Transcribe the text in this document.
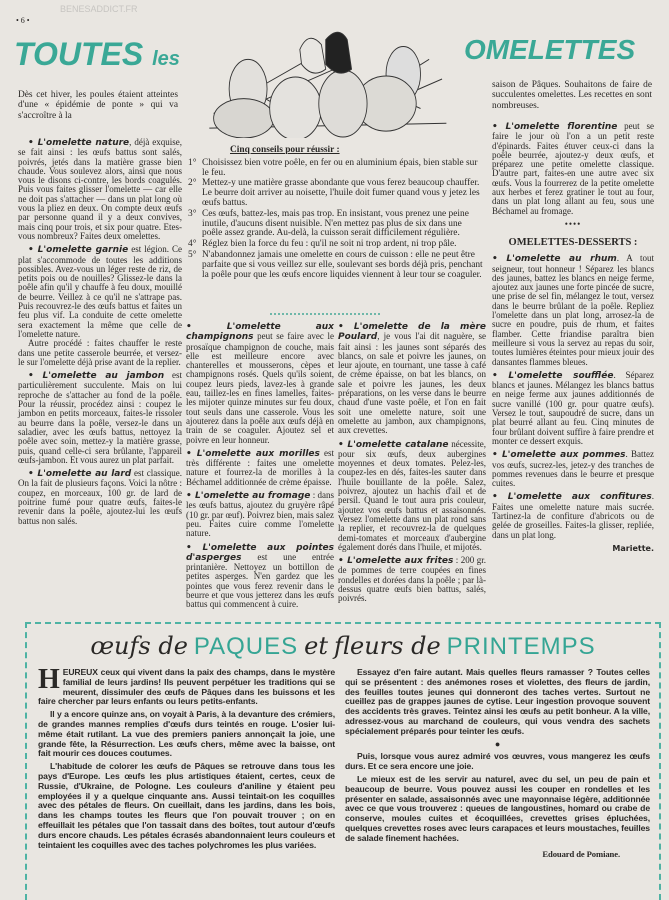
BENESADDICT.FR
• 6 •
TOUTES les	OMELETTES
Dès cet hiver, les poules étaient atteintes d'une « épidémie de ponte » qui va s'accroître à la
saison de Pâques. Souhaitons de faire de succulentes omelettes. Les recettes en sont nombreuses.

• L'omelette nature, déjà exquise, se fait ainsi : les œufs battus sont salés, poivrés, jetés dans la matière grasse bien chaude. Vous soulevez alors, ainsi que nous vous le disons ci-contre, les bords coagulés. Puis vous faites glisser l'omelette — car elle ne doit pas s'attacher — dans un plat long où vous la pliez en deux. On compte deux œufs par personne quand il y a deux convives, mais cinq pour trois, et six pour quatre. Etes-vous nombreux? Faites deux omelettes.

• L'omelette garnie est légion. Ce plat s'accommode de toutes les additions possibles. Avez-vous un léger reste de riz, de petits pois ou de nouilles? Glissez-le dans la poêle afin qu'il y chauffe à feu doux, mouillé de beurre. Veillez à ce qu'il ne s'attrape pas. Puis recouvrez-le des œufs battus et faites un feu plus vif. La conduite de cette omelette sera exactement la même que celle de l'omelette nature.

Autre procédé : faites chauffer le reste dans une petite casserole beurrée, et versez-le sur l'omelette déjà prise avant de la replier.

• L'omelette au jambon est particulièrement succulente. Mais on lui reproche de s'attacher au fond de la poêle. Pour la réussir, procédez ainsi : coupez le jambon en petits morceaux, faites-le rissoler au beurre dans la poêle, versez-le dans un saladier, avec les œufs battus, nettoyez la poêle avec soin, mettez-y la matière grasse, puis, quand celle-ci sera brûlante, l'appareil œufs-jambon. Et vous aurez un plat parfait.

• L'omelette au lard est classique. On la fait de plusieurs façons. Voici la nôtre : coupez, en morceaux, 100 gr. de lard de poitrine fumé pour quatre œufs, faites-le revenir dans la poêle, ajoutez-lui les œufs battus non salés.

Cinq conseils pour réussir :
1° Choisissez bien votre poêle, en fer ou en aluminium épais, bien stable sur le feu.
2° Mettez-y une matière grasse abondante que vous ferez beaucoup chauffer. Le beurre doit arriver au noisette, l'huile doit fumer quand vous y jetez les œufs battus.
3° Ces œufs, battez-les, mais pas trop. En insistant, vous prenez une peine inutile, d'aucuns disent nuisible. N'en mettez pas plus de six dans une poêle assez grande. Au-delà, la cuisson serait difficilement régulière.
4° Réglez bien la force du feu : qu'il ne soit ni trop ardent, ni trop pâle.
5° N'abandonnez jamais une omelette en cours de cuisson : elle ne peut être parfaite que si vous veillez sur elle, soulevant ses bords déjà pris, penchant la poêle pour que les œufs encore liquides viennent à leur tour se coaguler.

• L'omelette aux champignons peut se faire avec le prosaïque champignon de couche, mais elle est meilleure encore avec chanterelles et mousserons, cèpes et champignons rosés. Quels qu'ils soient, coupez leurs pieds, lavez-les à grande eau, taillez-les en fines lamelles, faites-les mijoter quinze minutes sur feu doux, tout seuls dans une casserole. Vous les ajouterez dans la poêle aux œufs déjà en train de se coaguler. Ajoutez sel et poivre en leur honneur.

• L'omelette aux morilles est très différente : faites une omelette nature et fourrez-la de morilles à la Béchamel additionnée de crème épaisse.

• L'omelette au fromage : dans les œufs battus, ajoutez du gruyère râpé (10 gr. par œuf). Poivrez bien, mais salez peu. Faites cuire comme l'omelette nature.

• L'omelette aux pointes d'asperges est une entrée printanière. Nettoyez un bottillon de petites asperges. N'en gardez que les pointes que vous ferez revenir dans le beurre et que vous jetterez dans les œufs battus qui commencent à cuire.

• L'omelette de la mère Poulard, je vous l'ai dit naguère, se fait ainsi : les jaunes sont séparés des blancs, on sale et poivre les jaunes, on leur ajoute, en tournant, une tasse à café de crème épaisse, on bat les blancs, on sale et poivre les jaunes, les deux préparations, on les verse dans le beurre chaud d'une vaste poêle, et l'on en fait soit une omelette nature, soit une omelette au jambon, aux champignons, aux crevettes.

• L'omelette catalane nécessite, pour six œufs, deux aubergines moyennes et deux tomates. Pelez-les, coupez-les en dés, faites-les sauter dans l'huile bouillante de la poêle. Salez, poivrez, ajoutez un hachis d'ail et de persil. Quand le tout aura pris couleur, ajoutez vos œufs battus et assaisonnés. Versez l'omelette dans un plat rond sans la replier, et recouvrez-la de quelques demi-tomates et morceaux d'aubergine également dorés dans l'huile, et mijotés.

• L'omelette aux frites : 200 gr. de pommes de terre coupées en fines rondelles et dorées dans la poêle ; par là-dessus quatre œufs bien battus, salés, poivrés.

• L'omelette florentine peut se faire le jour où l'on a un petit reste d'épinards. Faites étuver ceux-ci dans la poêle beurrée, ajoutez-y deux œufs, et préparez une petite omelette classique. D'autre part, faites-en une autre avec six œufs. Vous la fourrerez de la petite omelette aux herbes et ferez gratiner le tout au four, dans un plat long allant au feu, sous une Béchamel au fromage.

••••
OMELETTES-DESSERTS :

• L'omelette au rhum. A tout seigneur, tout honneur ! Séparez les blancs des jaunes, battez les blancs en neige ferme, ajoutez aux jaunes une forte pincée de sucre, une prise de sel fin, mélangez le tout, versez dans le beurre brûlant de la poêle. Repliez l'omelette dans un plat long, arrosez-la de sucre en poudre, puis de rhum, et faites flamber. Cette friandise paraîtra bien meilleure si vous la servez au repas du soir, toutes lumières éteintes pour mieux jouir des dansantes flammes bleues.

• L'omelette soufflée. Séparez blancs et jaunes. Mélangez les blancs battus en neige ferme aux jaunes additionnés de sucre vanillé (100 gr. pour quatre œufs). Versez le tout, saupoudré de sucre, dans un plat beurré allant au feu. Cinq minutes de four brûlant doivent suffire à faire prendre et monter ce dessert exquis.

• L'omelette aux pommes. Battez vos œufs, sucrez-les, jetez-y des tranches de pommes revenues dans le beurre et presque cuites.

• L'omelette aux confitures. Faites une omelette nature mais sucrée. Tartinez-la de confiture d'abricots ou de gelée de groseilles. Faites-la glisser, repliée, dans un plat long.

Mariette.
œufs de PAQUES et fleurs de PRINTEMPS

HEUREUX ceux qui vivent dans la paix des champs, dans le mystère familial de leurs jardins! Ils peuvent perpétuer les traditions qui se meurent, dissimuler des œufs de Pâques dans les buissons et les faire chercher par leurs enfants ou leurs petits-enfants.

Il y a encore quinze ans, on voyait à Paris, à la devanture des crémiers, de grandes mannes remplies d'œufs durs teintés en rouge. L'osier lui-même était rutilant. La vue des premiers paniers annonçait la joie, une grande fête, la Résurrection. Les œufs chers, même avec la baisse, ont fait mourir ces douces coutumes.

L'habitude de colorer les œufs de Pâques se retrouve dans tous les pays d'Europe. Les œufs les plus artistiques étaient, certes, ceux de Russie, d'Ukraine, de Pologne. Les couleurs d'aniline y étaient peu employées il y a quelque cinquante ans. Aussi teintait-on les coquilles avec des pétales de fleurs. On cueillait, dans les jardins, dans les bois, dans les champs toutes les fleurs que l'on pouvait trouver ; on en effeuillait les pétales que l'on tassait dans des boîtes, tout autour d'œufs durs encore chauds. Les pétales écrasés abandonnaient leurs couleurs et teintaient les coquilles avec des taches polychromes les plus variées.

Essayez d'en faire autant. Mais quelles fleurs ramasser ? Toutes celles qui se présentent : des anémones roses et violettes, des fleurs de jardin, des feuilles toutes jeunes qui donneront des taches vertes. Surtout ne cueillez pas de grappes jaunes de cytise. Leur ingestion provoque souvent des accidents très graves. Teintez ainsi les œufs au petit bonheur. A la ville, adressez-vous au marchand de couleurs, qui vous vendra des sachets spécialement préparés pour teinter les œufs.

●

Puis, lorsque vous aurez admiré vos œuvres, vous mangerez les œufs durs. Et ce sera encore une joie.

Le mieux est de les servir au naturel, avec du sel, un peu de pain et beaucoup de beurre. Vous pouvez aussi les couper en rondelles et les présenter en salade, assaisonnés avec une mayonnaise légère, additionnée avec ce que vous trouverez : queues de langoustines, homard ou crabe de conserve, moules cuites et écoquillées, crevettes grises épluchées, quelques crevettes roses avec leurs carapaces et leurs moustaches, feuilles de salade finement hachées.

Edouard de Pomiane.
